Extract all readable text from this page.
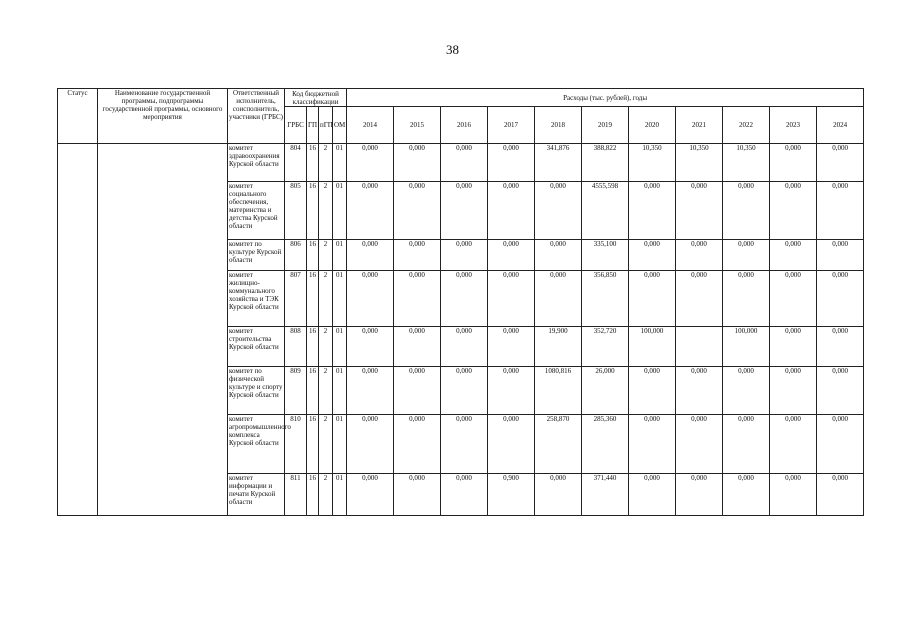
38
Статус	Наименование государственной программы, подпрограммы государственной программы, основного мероприятия	Ответственный исполнитель, соисполнитель, участники (ГРБС)	Код бюджетной классификации				Расходы (тыс. рублей), годы										
			ГРБС	ГП	пГП	ОМ	2014	2015	2016	2017	2018	2019	2020	2021	2022	2023	2024
		комитет здравоохранения Курской области	804	16	2	01	0,000	0,000	0,000	0,000	341,876	388,822	10,350	10,350	10,350	0,000	0,000
		комитет социального обеспечения, материнства и детства Курской области	805	16	2	01	0,000	0,000	0,000	0,000	0,000	4555,598	0,000	0,000	0,000	0,000	0,000
		комитет по культуре Курской области	806	16	2	01	0,000	0,000	0,000	0,000	0,000	335,100	0,000	0,000	0,000	0,000	0,000
		комитет жилищно-коммунального хозяйства и ТЭК Курской области	807	16	2	01	0,000	0,000	0,000	0,000	0,000	356,850	0,000	0,000	0,000	0,000	0,000
		комитет строительства Курской области	808	16	2	01	0,000	0,000	0,000	0,000	19,900	352,720	100,000		100,000	0,000	0,000
		комитет по физической культуре и спорту Курской области	809	16	2	01	0,000	0,000	0,000	0,000	1080,816	26,000	0,000	0,000	0,000	0,000	0,000
		комитет агропромышленного комплекса Курской области	810	16	2	01	0,000	0,000	0,000	0,000	258,870	285,360	0,000	0,000	0,000	0,000	0,000
		комитет информации и печати Курской области	811	16	2	01	0,000	0,000	0,000	0,900	0,000	371,440	0,000	0,000	0,000	0,000	0,000
